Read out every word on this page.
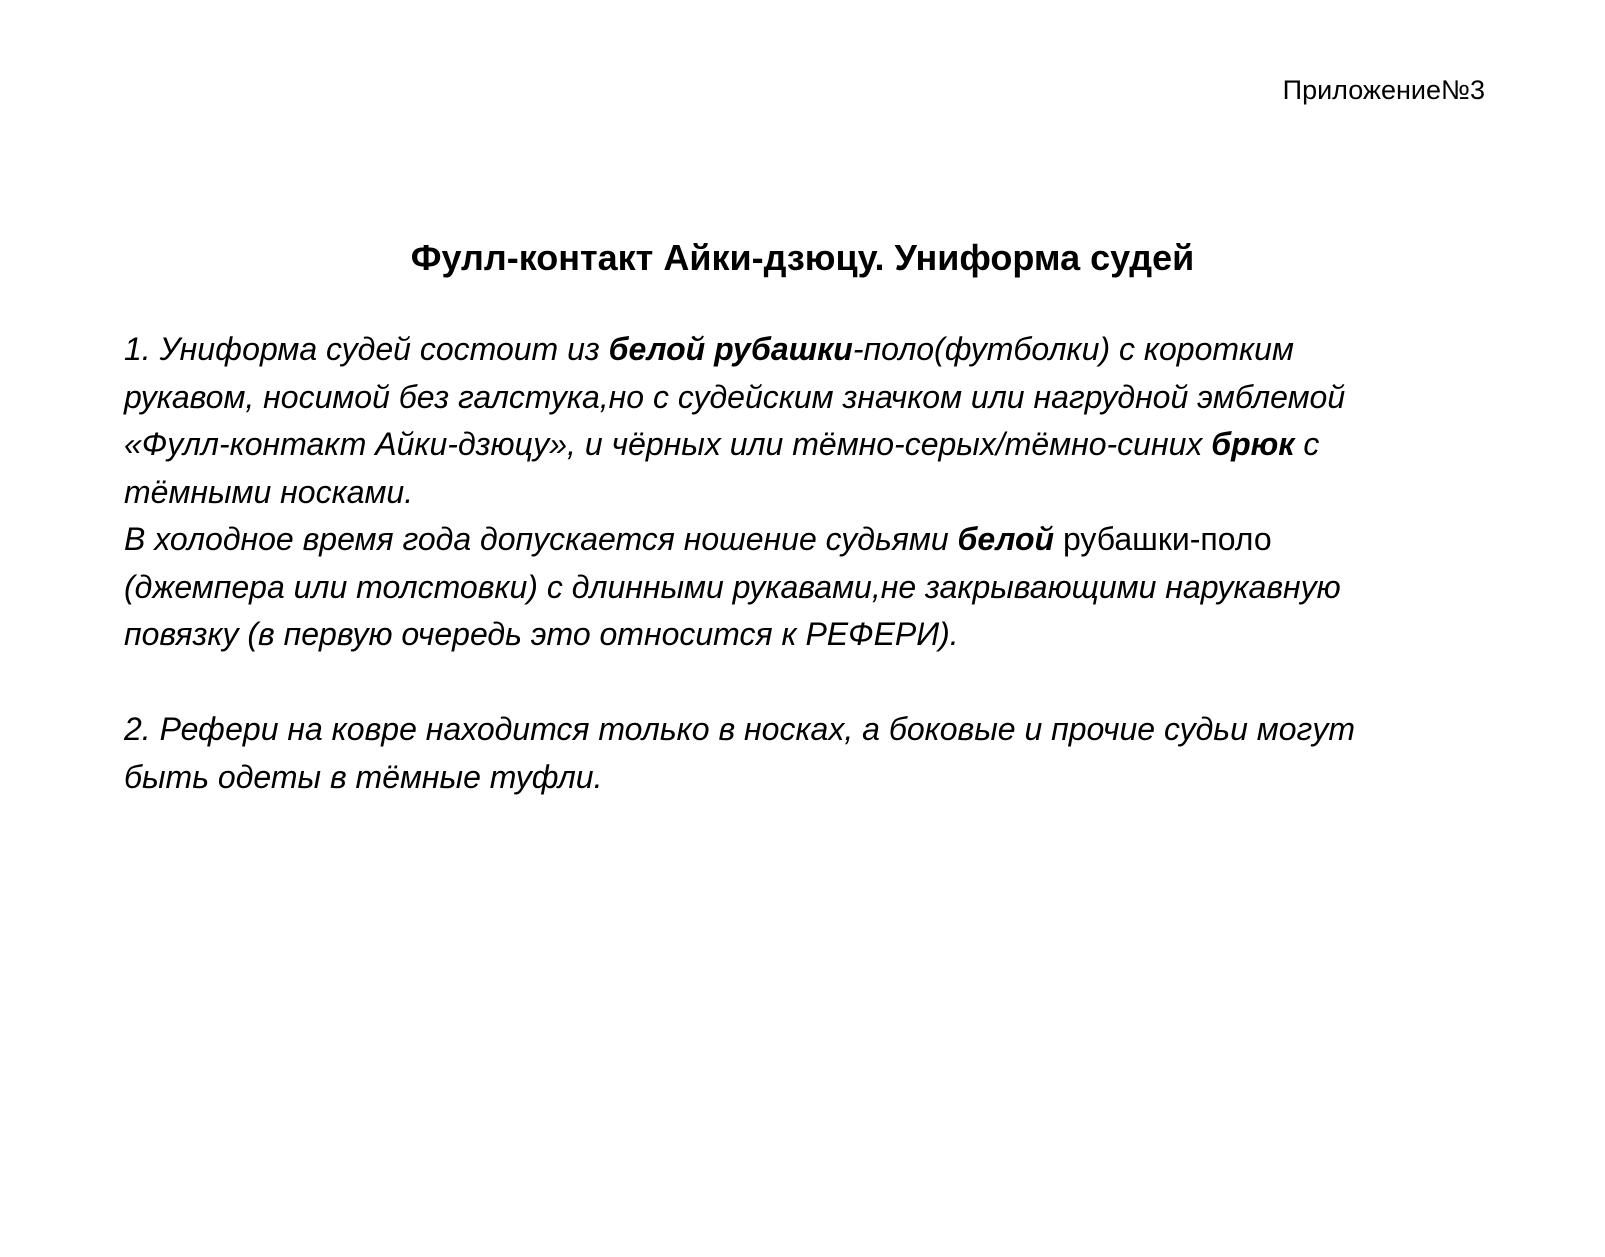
Приложение№3
Фулл-контакт Айки-дзюцу. Униформа судей
1. Униформа судей состоит из белой рубашки-поло(футболки) с коротким
рукавом, носимой без галстука,но с судейским значком или нагрудной эмблемой
«Фулл-контакт Айки-дзюцу», и чёрных или тёмно-серых/тёмно-синих брюк с
тёмными носками.
В холодное время года допускается ношение судьями белой рубашки-поло
(джемпера или толстовки) с длинными рукавами,не закрывающими нарукавную
повязку (в первую очередь это относится к РЕФЕРИ).
2. Рефери на ковре находится только в носках, а боковые и прочие судьи могут
быть одеты в тёмные туфли.
